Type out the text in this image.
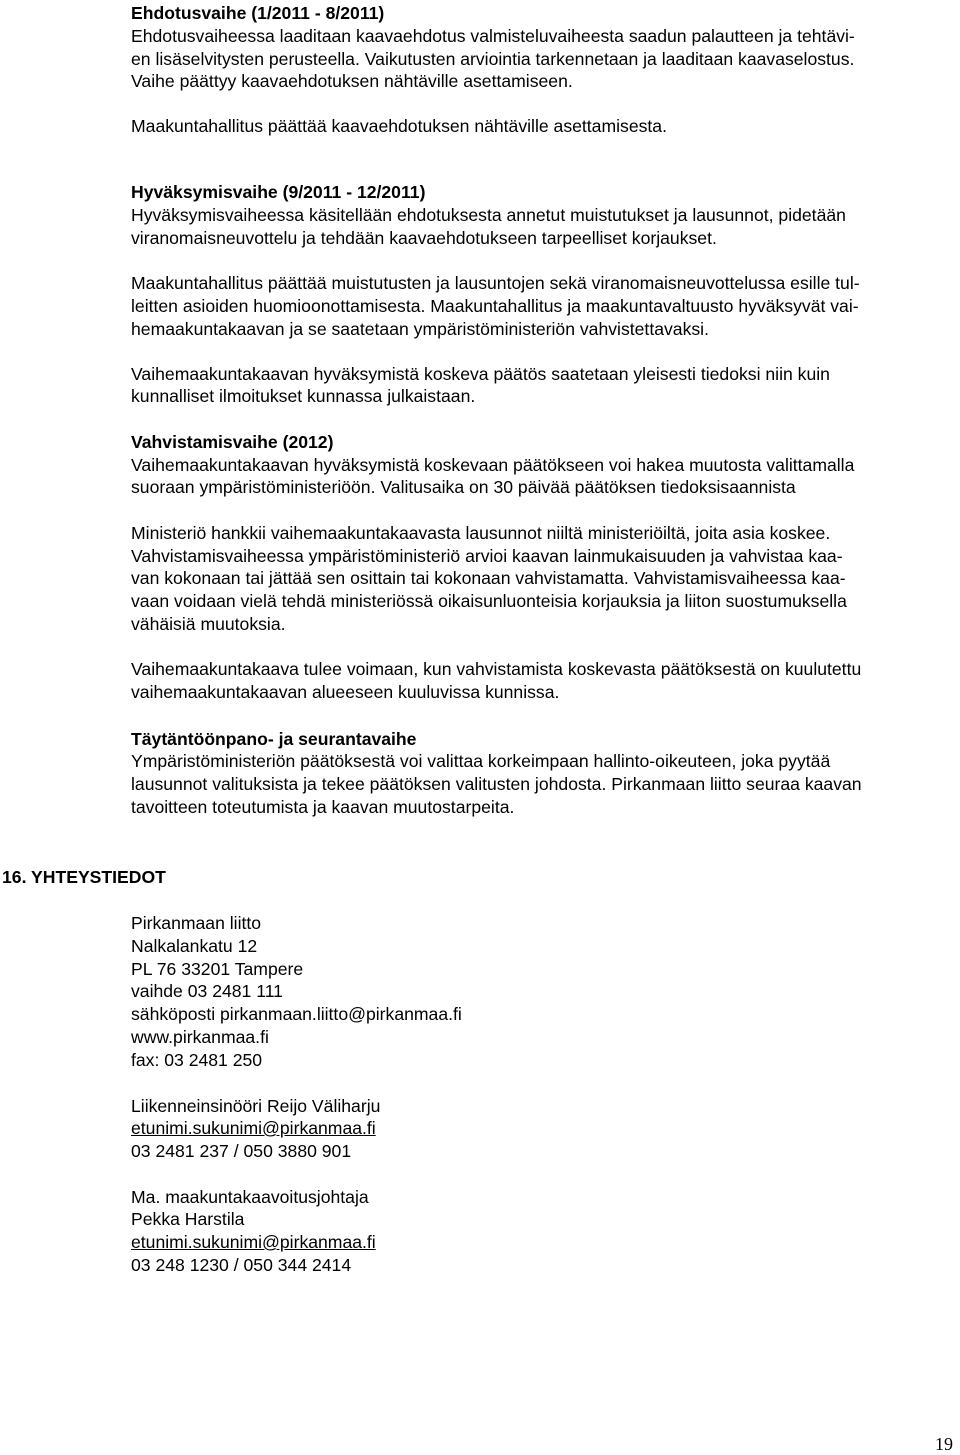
Ehdotusvaihe (1/2011 - 8/2011)
Ehdotusvaiheessa laaditaan kaavaehdotus valmisteluvaiheesta saadun palautteen ja tehtävi-
en lisäselvitysten perusteella. Vaikutusten arviointia tarkennetaan ja laaditaan kaavaselostus.
Vaihe päättyy kaavaehdotuksen nähtäville asettamiseen.
Maakuntahallitus päättää kaavaehdotuksen nähtäville asettamisesta.
Hyväksymisvaihe (9/2011 - 12/2011)
Hyväksymisvaiheessa käsitellään ehdotuksesta annetut muistutukset ja lausunnot, pidetään
viranomaisneuvottelu ja tehdään kaavaehdotukseen tarpeelliset korjaukset.
Maakuntahallitus päättää muistutusten ja lausuntojen sekä viranomaisneuvottelussa esille tul-
leitten asioiden huomioonottamisesta. Maakuntahallitus ja maakuntavaltuusto hyväksyvät vai-
hemaakuntakaavan ja se saatetaan ympäristöministeriön vahvistettavaksi.
Vaihemaakuntakaavan hyväksymistä koskeva päätös saatetaan yleisesti tiedoksi niin kuin
kunnalliset ilmoitukset kunnassa julkaistaan.
Vahvistamisvaihe (2012)
Vaihemaakuntakaavan hyväksymistä koskevaan päätökseen voi hakea muutosta valittamalla
suoraan ympäristöministeriöön. Valitusaika on 30 päivää päätöksen tiedoksisaannista
Ministeriö hankkii vaihemaakuntakaavasta lausunnot niiltä ministeriöiltä, joita asia koskee.
Vahvistamisvaiheessa ympäristöministeriö arvioi kaavan lainmukaisuuden ja vahvistaa kaa-
van kokonaan tai jättää sen osittain tai kokonaan vahvistamatta. Vahvistamisvaiheessa kaa-
vaan voidaan vielä tehdä ministeriössä oikaisunluonteisia korjauksia ja liiton suostumuksella
vähäisiä muutoksia.
Vaihemaakuntakaava tulee voimaan, kun vahvistamista koskevasta päätöksestä on kuulutettu
vaihemaakuntakaavan alueeseen kuuluvissa kunnissa.
Täytäntöönpano- ja seurantavaihe
Ympäristöministeriön päätöksestä voi valittaa korkeimpaan hallinto-oikeuteen, joka pyytää
lausunnot valituksista ja tekee päätöksen valitusten johdosta. Pirkanmaan liitto seuraa kaavan
tavoitteen toteutumista ja kaavan muutostarpeita.
Pirkanmaan liitto
Nalkalankatu 12
PL 76 33201 Tampere
vaihde 03 2481 111
sähköposti pirkanmaan.liitto@pirkanmaa.fi
www.pirkanmaa.fi
fax: 03 2481 250
Liikenneinsinööri Reijo Väliharju
etunimi.sukunimi@pirkanmaa.fi
03 2481 237 / 050 3880 901
Ma. maakuntakaavoitusjohtaja
Pekka Harstila
etunimi.sukunimi@pirkanmaa.fi
03 248 1230 / 050 344 2414
16. YHTEYSTIEDOT
19
